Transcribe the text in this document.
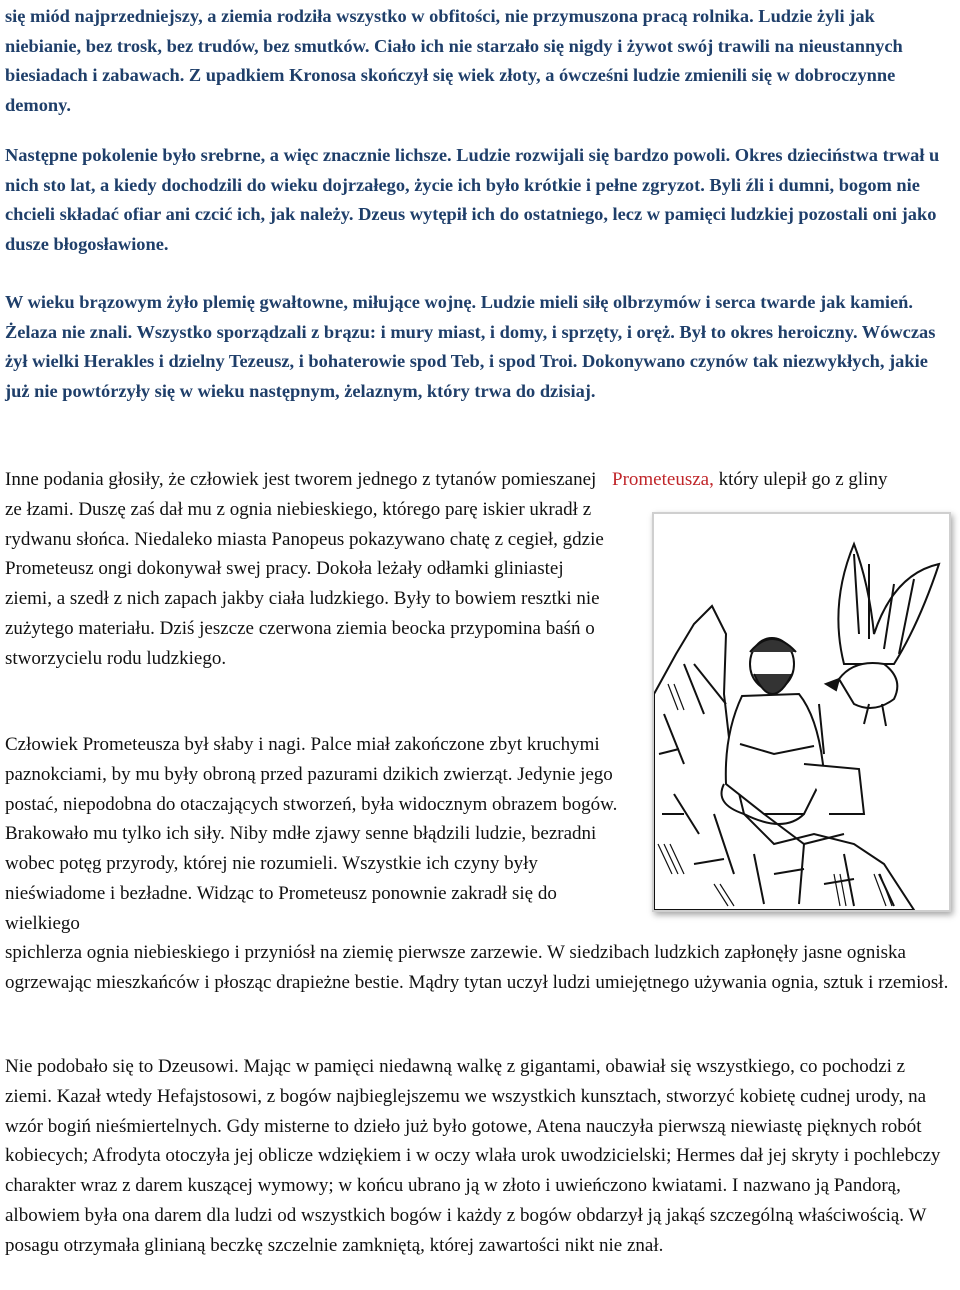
się miód najprzedniejszy, a ziemia rodziła wszystko w obfitości, nie przymuszona pracą rolnika. Ludzie żyli jak niebianie, bez trosk, bez trudów, bez smutków. Ciało ich nie starzało się nigdy i żywot swój trawili na nieustannych biesiadach i zabawach. Z upadkiem Kronosa skończył się wiek złoty, a ówcześni ludzie zmienili się w dobroczynne demony.

Następne pokolenie było srebrne, a więc znacznie lichsze. Ludzie rozwijali się bardzo powoli. Okres dzieciństwa trwał u nich sto lat, a kiedy dochodzili do wieku dojrzałego, życie ich było krótkie i pełne zgryzot. Byli źli i dumni, bogom nie chcieli składać ofiar ani czcić ich, jak należy. Dzeus wytępił ich do ostatniego, lecz w pamięci ludzkiej pozostali oni jako dusze błogosławione.

W wieku brązowym żyło plemię gwałtowne, miłujące wojnę. Ludzie mieli siłę olbrzymów i serca twarde jak kamień. Żelaza nie znali. Wszystko sporządzali z brązu: i mury miast, i domy, i sprzęty, i oręż. Był to okres heroiczny. Wówczas żył wielki Herakles i dzielny Tezeusz, i bohaterowie spod Teb, i spod Troi. Dokonywano czynów tak niezwykłych, jakie już nie powtórzyły się w wieku następnym, żelaznym, który trwa do dzisiaj.

Inne podania głosiły, że człowiek jest tworem jednego z tytanów pomieszanej ze łzami. Duszę zaś dał mu z ognia niebieskiego, którego parę iskier ukradł z rydwanu słońca. Niedaleko miasta Panopeus pokazywano chatę z cegieł, gdzie Prometeusz ongi dokonywał swej pracy. Dokoła leżały odłamki gliniastej ziemi, a szedł z nich zapach jakby ciała ludzkiego. Były to bowiem resztki nie zużytego materiału. Dziś jeszcze czerwona ziemia beocka przypomina baśń o stworzycielu rodu ludzkiego.

Prometeusza, który ulepił go z gliny

Człowiek Prometeusza był słaby i nagi. Palce miał zakończone zbyt kruchymi paznokciami, by mu były obroną przed pazurami dzikich zwierząt. Jedynie jego postać, niepodobna do otaczających stworzeń, była widocznym obrazem bogów. Brakowało mu tylko ich siły. Niby mdłe zjawy senne błądzili ludzie, bezradni wobec potęg przyrody, której nie rozumieli. Wszystkie ich czyny były nieświadome i bezładne. Widząc to Prometeusz ponownie zakradł się do wielkiego

spichlerza ognia niebieskiego i przyniósł na ziemię pierwsze zarzewie. W siedzibach ludzkich zapłonęły jasne ogniska ogrzewając mieszkańców i płosząc drapieżne bestie. Mądry tytan uczył ludzi umiejętnego używania ognia, sztuk i rzemiosł.

Nie podobało się to Dzeusowi. Mając w pamięci niedawną walkę z gigantami, obawiał się wszystkiego, co pochodzi z ziemi. Kazał wtedy Hefajstosowi, z bogów najbieglejszemu we wszystkich kunsztach, stworzyć kobietę cudnej urody, na wzór bogiń nieśmiertelnych. Gdy misterne to dzieło już było gotowe, Atena nauczyła pierwszą niewiastę pięknych robót kobiecych; Afrodyta otoczyła jej oblicze wdziękiem i w oczy wlała urok uwodzicielski; Hermes dał jej skryty i pochlebczy charakter wraz z darem kuszącej wymowy; w końcu ubrano ją w złoto i uwieńczono kwiatami. I nazwano ją Pandorą, albowiem była ona darem dla ludzi od wszystkich bogów i każdy z bogów obdarzył ją jakąś szczególną właściwością. W posagu otrzymała glinianą beczkę szczelnie zamkniętą, której zawartości nikt nie znał.
